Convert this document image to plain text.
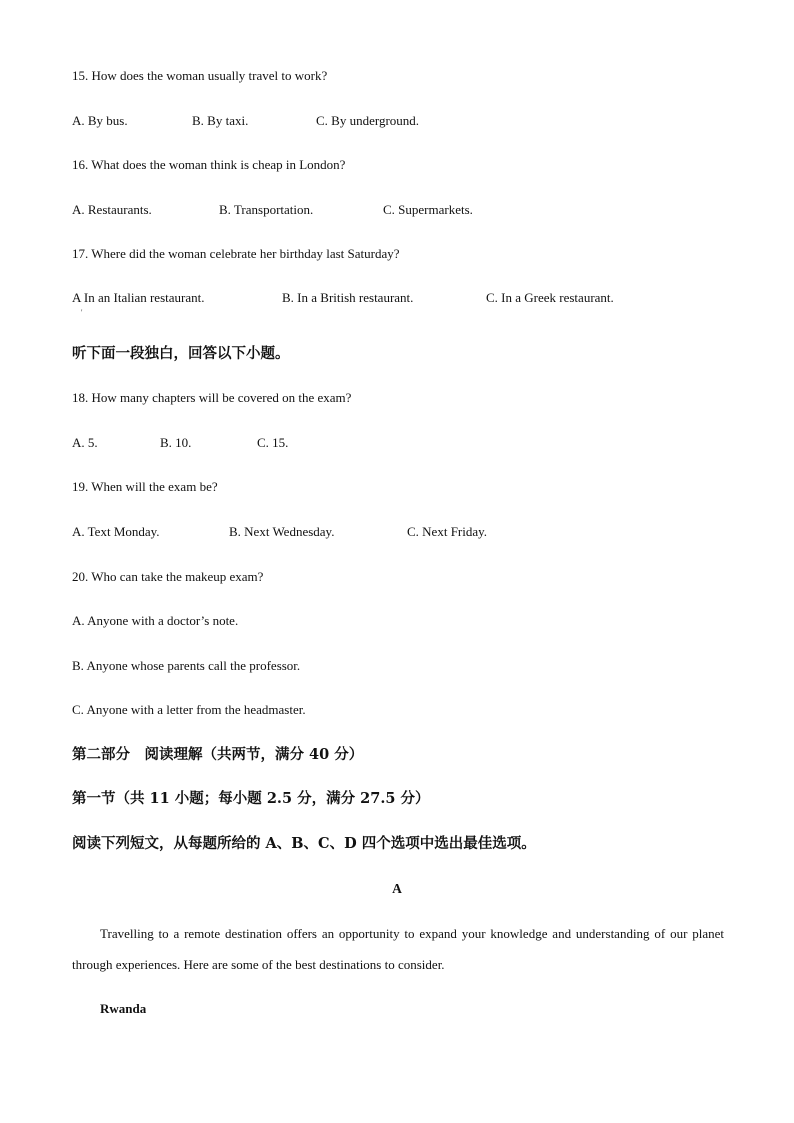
15. How does the woman usually travel to work?
A. By bus.	B. By taxi.	C. By underground.
16. What does the woman think is cheap in London?
A. Restaurants.	B. Transportation.	C. Supermarkets.
17. Where did the woman celebrate her birthday last Saturday?
A In an Italian restaurant.	B. In a British restaurant.	C. In a Greek restaurant.
'
听下面一段独白，回答以下小题。
18. How many chapters will be covered on the exam?
A. 5.	B. 10.	C. 15.
19. When will the exam be?
A. Text Monday.	B. Next Wednesday.	C. Next Friday.
20. Who can take the makeup exam?
A. Anyone with a doctor’s note.
B. Anyone whose parents call the professor.
C. Anyone with a letter from the headmaster.
第二部分　阅读理解（共两节，满分 40 分）
第一节（共 11 小题；每小题 2.5 分，满分 27.5 分）
阅读下列短文，从每题所给的 A、B、C、D 四个选项中选出最佳选项。
A
Travelling to a remote destination offers an opportunity to expand your knowledge and understanding of our planet through experiences. Here are some of the best destinations to consider.
Rwanda
